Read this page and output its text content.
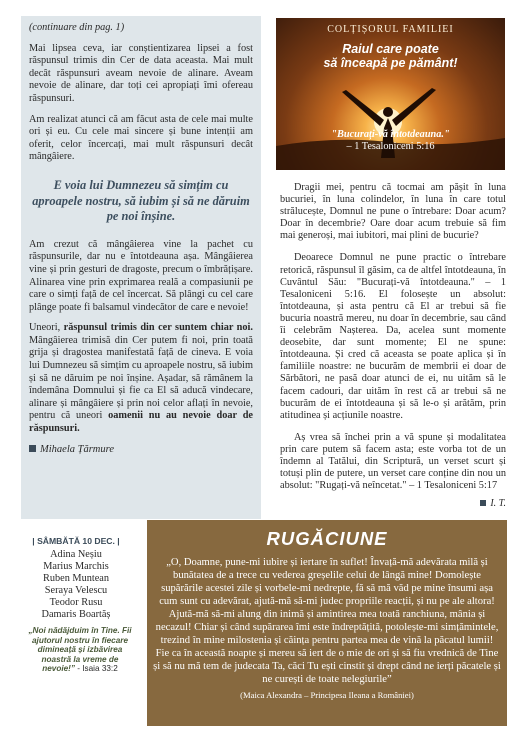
(continuare din pag. 1)

Mai lipsea ceva, iar conștientizarea lipsei a fost răspunsul trimis din Cer de data aceasta. Mai mult decât răspunsuri aveam nevoie de alinare. Aveam nevoie de alinare, dar toți cei apropiați îmi ofereau răspunsuri.

Am realizat atunci că am făcut asta de cele mai multe ori și eu. Cu cele mai sincere și bune intenții am oferit, celor încercați, mai mult răspunsuri decât mângâiere.

E voia lui Dumnezeu să simțim cu aproapele nostru, să iubim și să ne dăruim pe noi înșine.

Am crezut că mângâierea vine la pachet cu răspunsurile, dar nu e întotdeauna așa. Mângâierea vine și prin gesturi de dragoste, precum o îmbrățișare. Alinarea vine prin exprimarea reală a compasiunii pe care o simți față de cel încercat. Să plângi cu cel care plânge poate fi balsamul vindecător de care e nevoie!

Uneori, răspunsul trimis din cer suntem chiar noi. Mângâierea trimisă din Cer putem fi noi, prin toată grija și dragostea manifestată față de cineva. E voia lui Dumnezeu să simțim cu aproapele nostru, să iubim și să ne dăruim pe noi înșine. Așadar, să rămânem la îndemâna Domnului și fie ca El să aducă vindecare, alinare și mângâiere și prin noi celor aflați în nevoie, pentru că uneori oamenii nu au nevoie doar de răspunsuri.

Mihaela Țărmure
COLȚIȘORUL FAMILIEI
Raiul care poate
să înceapă pe pământ!
"Bucurați-vă întotdeauna."
– 1 Tesaloniceni 5:16

Dragii mei, pentru că tocmai am pășit în luna bucuriei, în luna colindelor, în luna în care totul strălucește, Domnul ne pune o întrebare: Doar acum? Doar în decembrie? Oare doar acum trebuie să fim mai generoși, mai iubitori, mai plini de bucurie?

Deoarece Domnul ne pune practic o întrebare retorică, răspunsul îl găsim, ca de altfel întotdeauna, în Cuvântul Său: "Bucurați-vă întotdeauna." – 1 Tesaloniceni 5:16. El folosește un absolut: întotdeauna, și asta pentru că El ar trebui să fie bucuria noastră mereu, nu doar în decembrie, sau când îi celebrăm Nașterea. Da, acelea sunt momente deosebite, dar sunt momente; El ne spune: întotdeauna. Și cred că aceasta se poate aplica și în familiile noastre: ne bucurăm de membrii ei doar de Sărbători, ne pasă doar atunci de ei, nu uităm să le facem cadouri, dar uităm în rest că ar trebui să ne bucurăm de ei întotdeauna și să le-o și arătăm, prin atitudinea și acțiunile noastre.

Aș vrea să închei prin a vă spune și modalitatea prin care putem să facem asta; este vorba tot de un îndemn al Tatălui, din Scriptură, un verset scurt și totuși plin de putere, un verset care conține din nou un absolut: "Rugați-vă neîncetat." – 1 Tesaloniceni 5:17

I. T.
| SÂMBĂTĂ 10 DEC. |
Adina Neșiu
Marius Marchis
Ruben Muntean
Seraya Velescu
Teodor Rusu
Damaris Boartăș
„Noi nădăjduim în Tine. Fii ajutorul nostru în fiecare dimineață și izbăvirea noastră la vreme de nevoie!” - Isaia 33:2
RUGĂCIUNE
„O, Doamne, pune-mi iubire și iertare în suflet! Învață-mă adevărata milă și bunătatea de a trece cu vederea greșelile celui de lângă mine! Domolește supărările acestei zile și vorbele-mi nedrepte, fă să mă văd pe mine însumi așa cum sunt cu adevărat, ajută-mă să-mi judec propriile reacții, și nu pe ale altora! Ajută-mă să-mi alung din inimă și amintirea mea toată ranchiuna, mânia și necazul! Chiar și când supărarea îmi este îndreptățită, potolește-mi simțămintele, trezind în mine milostenia și căința pentru partea mea de vină la păcatul lumii! Fie ca în această noapte și mereu să iert de o mie de ori și să fiu vrednică de Tine și să nu mă tem de judecata Ta, căci Tu ești cinstit și drept când ne ierți păcatele și ne curești de toate nelegiurile”
(Maica Alexandra – Principesa Ileana a României)
